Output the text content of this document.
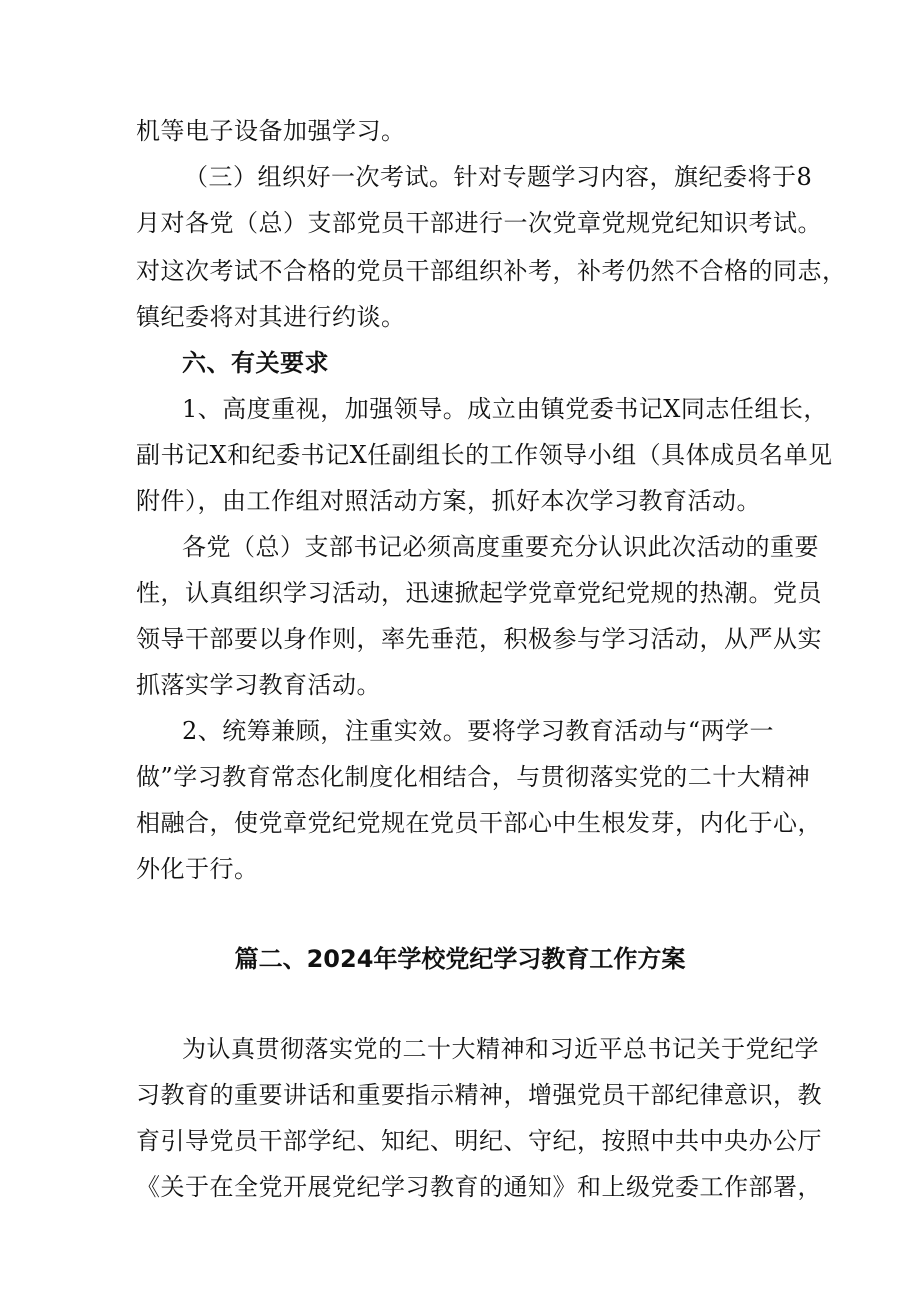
机等电子设备加强学习。
（三）组织好一次考试。针对专题学习内容，旗纪委将于8
月对各党（总）支部党员干部进行一次党章党规党纪知识考试。
对这次考试不合格的党员干部组织补考，补考仍然不合格的同志，
镇纪委将对其进行约谈。
六、有关要求
1、高度重视，加强领导。成立由镇党委书记X同志任组长，
副书记X和纪委书记X任副组长的工作领导小组（具体成员名单见
附件），由工作组对照活动方案，抓好本次学习教育活动。
各党（总）支部书记必须高度重要充分认识此次活动的重要
性，认真组织学习活动，迅速掀起学党章党纪党规的热潮。党员
领导干部要以身作则，率先垂范，积极参与学习活动，从严从实
抓落实学习教育活动。
2、统筹兼顾，注重实效。要将学习教育活动与“两学一
做”学习教育常态化制度化相结合，与贯彻落实党的二十大精神
相融合，使党章党纪党规在党员干部心中生根发芽，内化于心，
外化于行。
篇二、2024年学校党纪学习教育工作方案
为认真贯彻落实党的二十大精神和习近平总书记关于党纪学
习教育的重要讲话和重要指示精神，增强党员干部纪律意识，教
育引导党员干部学纪、知纪、明纪、守纪，按照中共中央办公厅
《关于在全党开展党纪学习教育的通知》和上级党委工作部署，
